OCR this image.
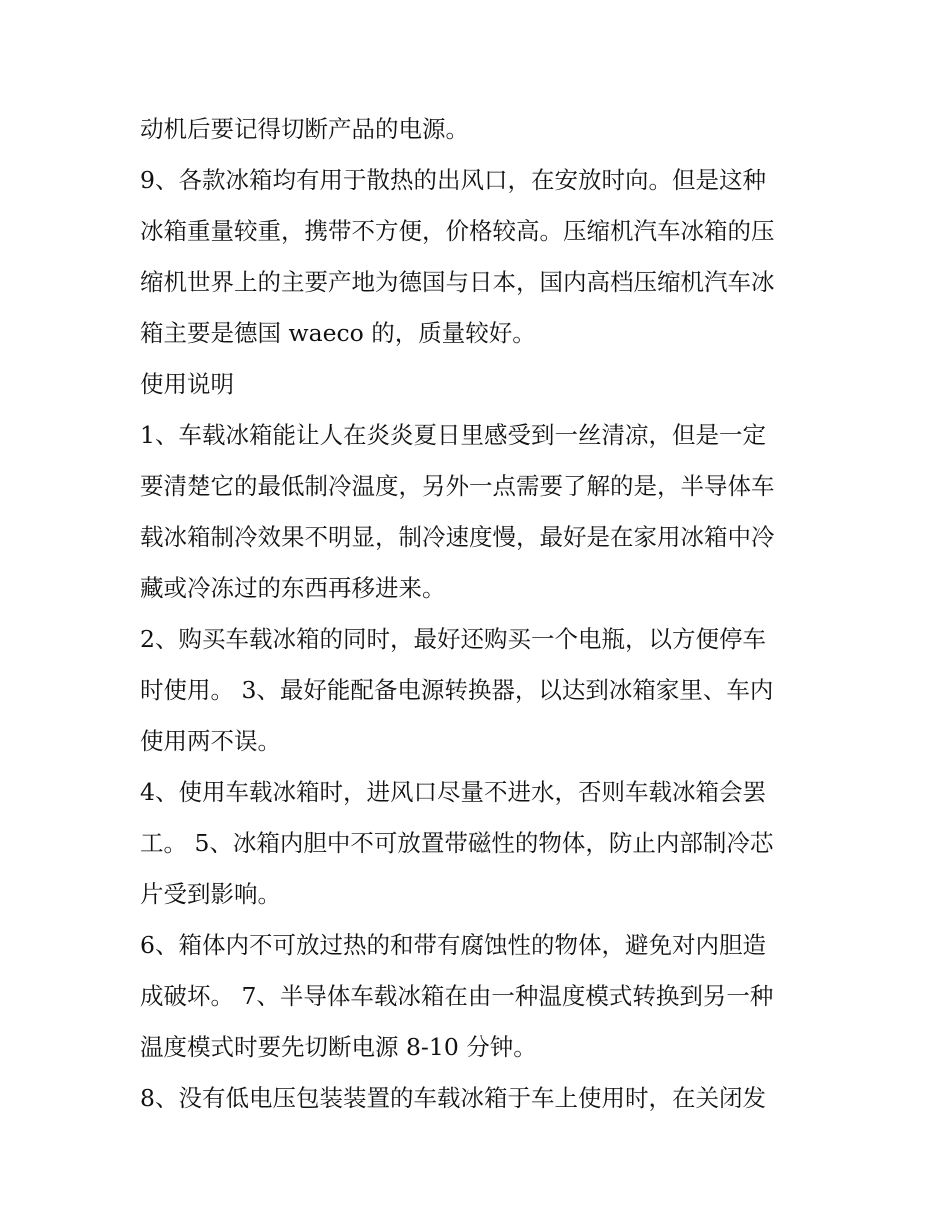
动机后要记得切断产品的电源。
9、各款冰箱均有用于散热的出风口，在安放时向。但是这种
冰箱重量较重，携带不方便，价格较高。压缩机汽车冰箱的压
缩机世界上的主要产地为德国与日本，国内高档压缩机汽车冰
箱主要是德国 waeco 的，质量较好。
使用说明
1、车载冰箱能让人在炎炎夏日里感受到一丝清凉，但是一定
要清楚它的最低制冷温度，另外一点需要了解的是，半导体车
载冰箱制冷效果不明显，制冷速度慢，最好是在家用冰箱中冷
藏或冷冻过的东西再移进来。
2、购买车载冰箱的同时，最好还购买一个电瓶，以方便停车
时使用。 3、最好能配备电源转换器，以达到冰箱家里、车内
使用两不误。
4、使用车载冰箱时，进风口尽量不进水，否则车载冰箱会罢
工。 5、冰箱内胆中不可放置带磁性的物体，防止内部制冷芯
片受到影响。
6、箱体内不可放过热的和带有腐蚀性的物体，避免对内胆造
成破坏。 7、半导体车载冰箱在由一种温度模式转换到另一种
温度模式时要先切断电源 8-10 分钟。
8、没有低电压包装装置的车载冰箱于车上使用时，在关闭发
